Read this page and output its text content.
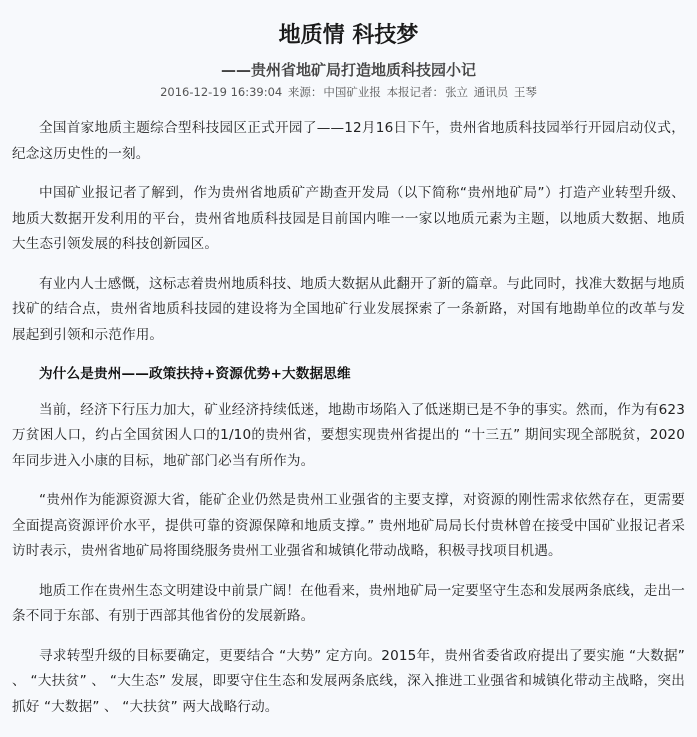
地质情 科技梦
——贵州省地矿局打造地质科技园小记
2016-12-19 16:39:04 来源：中国矿业报 本报记者：张立 通讯员 王琴

全国首家地质主题综合型科技园区正式开园了——12月16日下午，贵州省地质科技园举行开园启动仪式，纪念这历史性的一刻。

中国矿业报记者了解到，作为贵州省地质矿产勘查开发局（以下简称“贵州地矿局”）打造产业转型升级、地质大数据开发利用的平台，贵州省地质科技园是目前国内唯一一家以地质元素为主题，以地质大数据、地质大生态引领发展的科技创新园区。

有业内人士感慨，这标志着贵州地质科技、地质大数据从此翻开了新的篇章。与此同时，找准大数据与地质找矿的结合点，贵州省地质科技园的建设将为全国地矿行业发展探索了一条新路，对国有地勘单位的改革与发展起到引领和示范作用。

为什么是贵州——政策扶持+资源优势+大数据思维

当前，经济下行压力加大，矿业经济持续低迷，地勘市场陷入了低迷期已是不争的事实。然而，作为有623万贫困人口，约占全国贫困人口的1/10的贵州省，要想实现贵州省提出的 “十三五” 期间实现全部脱贫，2020年同步进入小康的目标，地矿部门必当有所作为。

“贵州作为能源资源大省，能矿企业仍然是贵州工业强省的主要支撑，对资源的刚性需求依然存在，更需要全面提高资源评价水平，提供可靠的资源保障和地质支撑。” 贵州地矿局局长付贵林曾在接受中国矿业报记者采访时表示，贵州省地矿局将围绕服务贵州工业强省和城镇化带动战略，积极寻找项目机遇。

地质工作在贵州生态文明建设中前景广阔！在他看来，贵州地矿局一定要坚守生态和发展两条底线，走出一条不同于东部、有别于西部其他省份的发展新路。

寻求转型升级的目标要确定，更要结合 “大势” 定方向。2015年，贵州省委省政府提出了要实施 “大数据” 、 “大扶贫” 、 “大生态” 发展，即要守住生态和发展两条底线，深入推进工业强省和城镇化带动主战略，突出抓好 “大数据” 、 “大扶贫” 两大战略行动。
